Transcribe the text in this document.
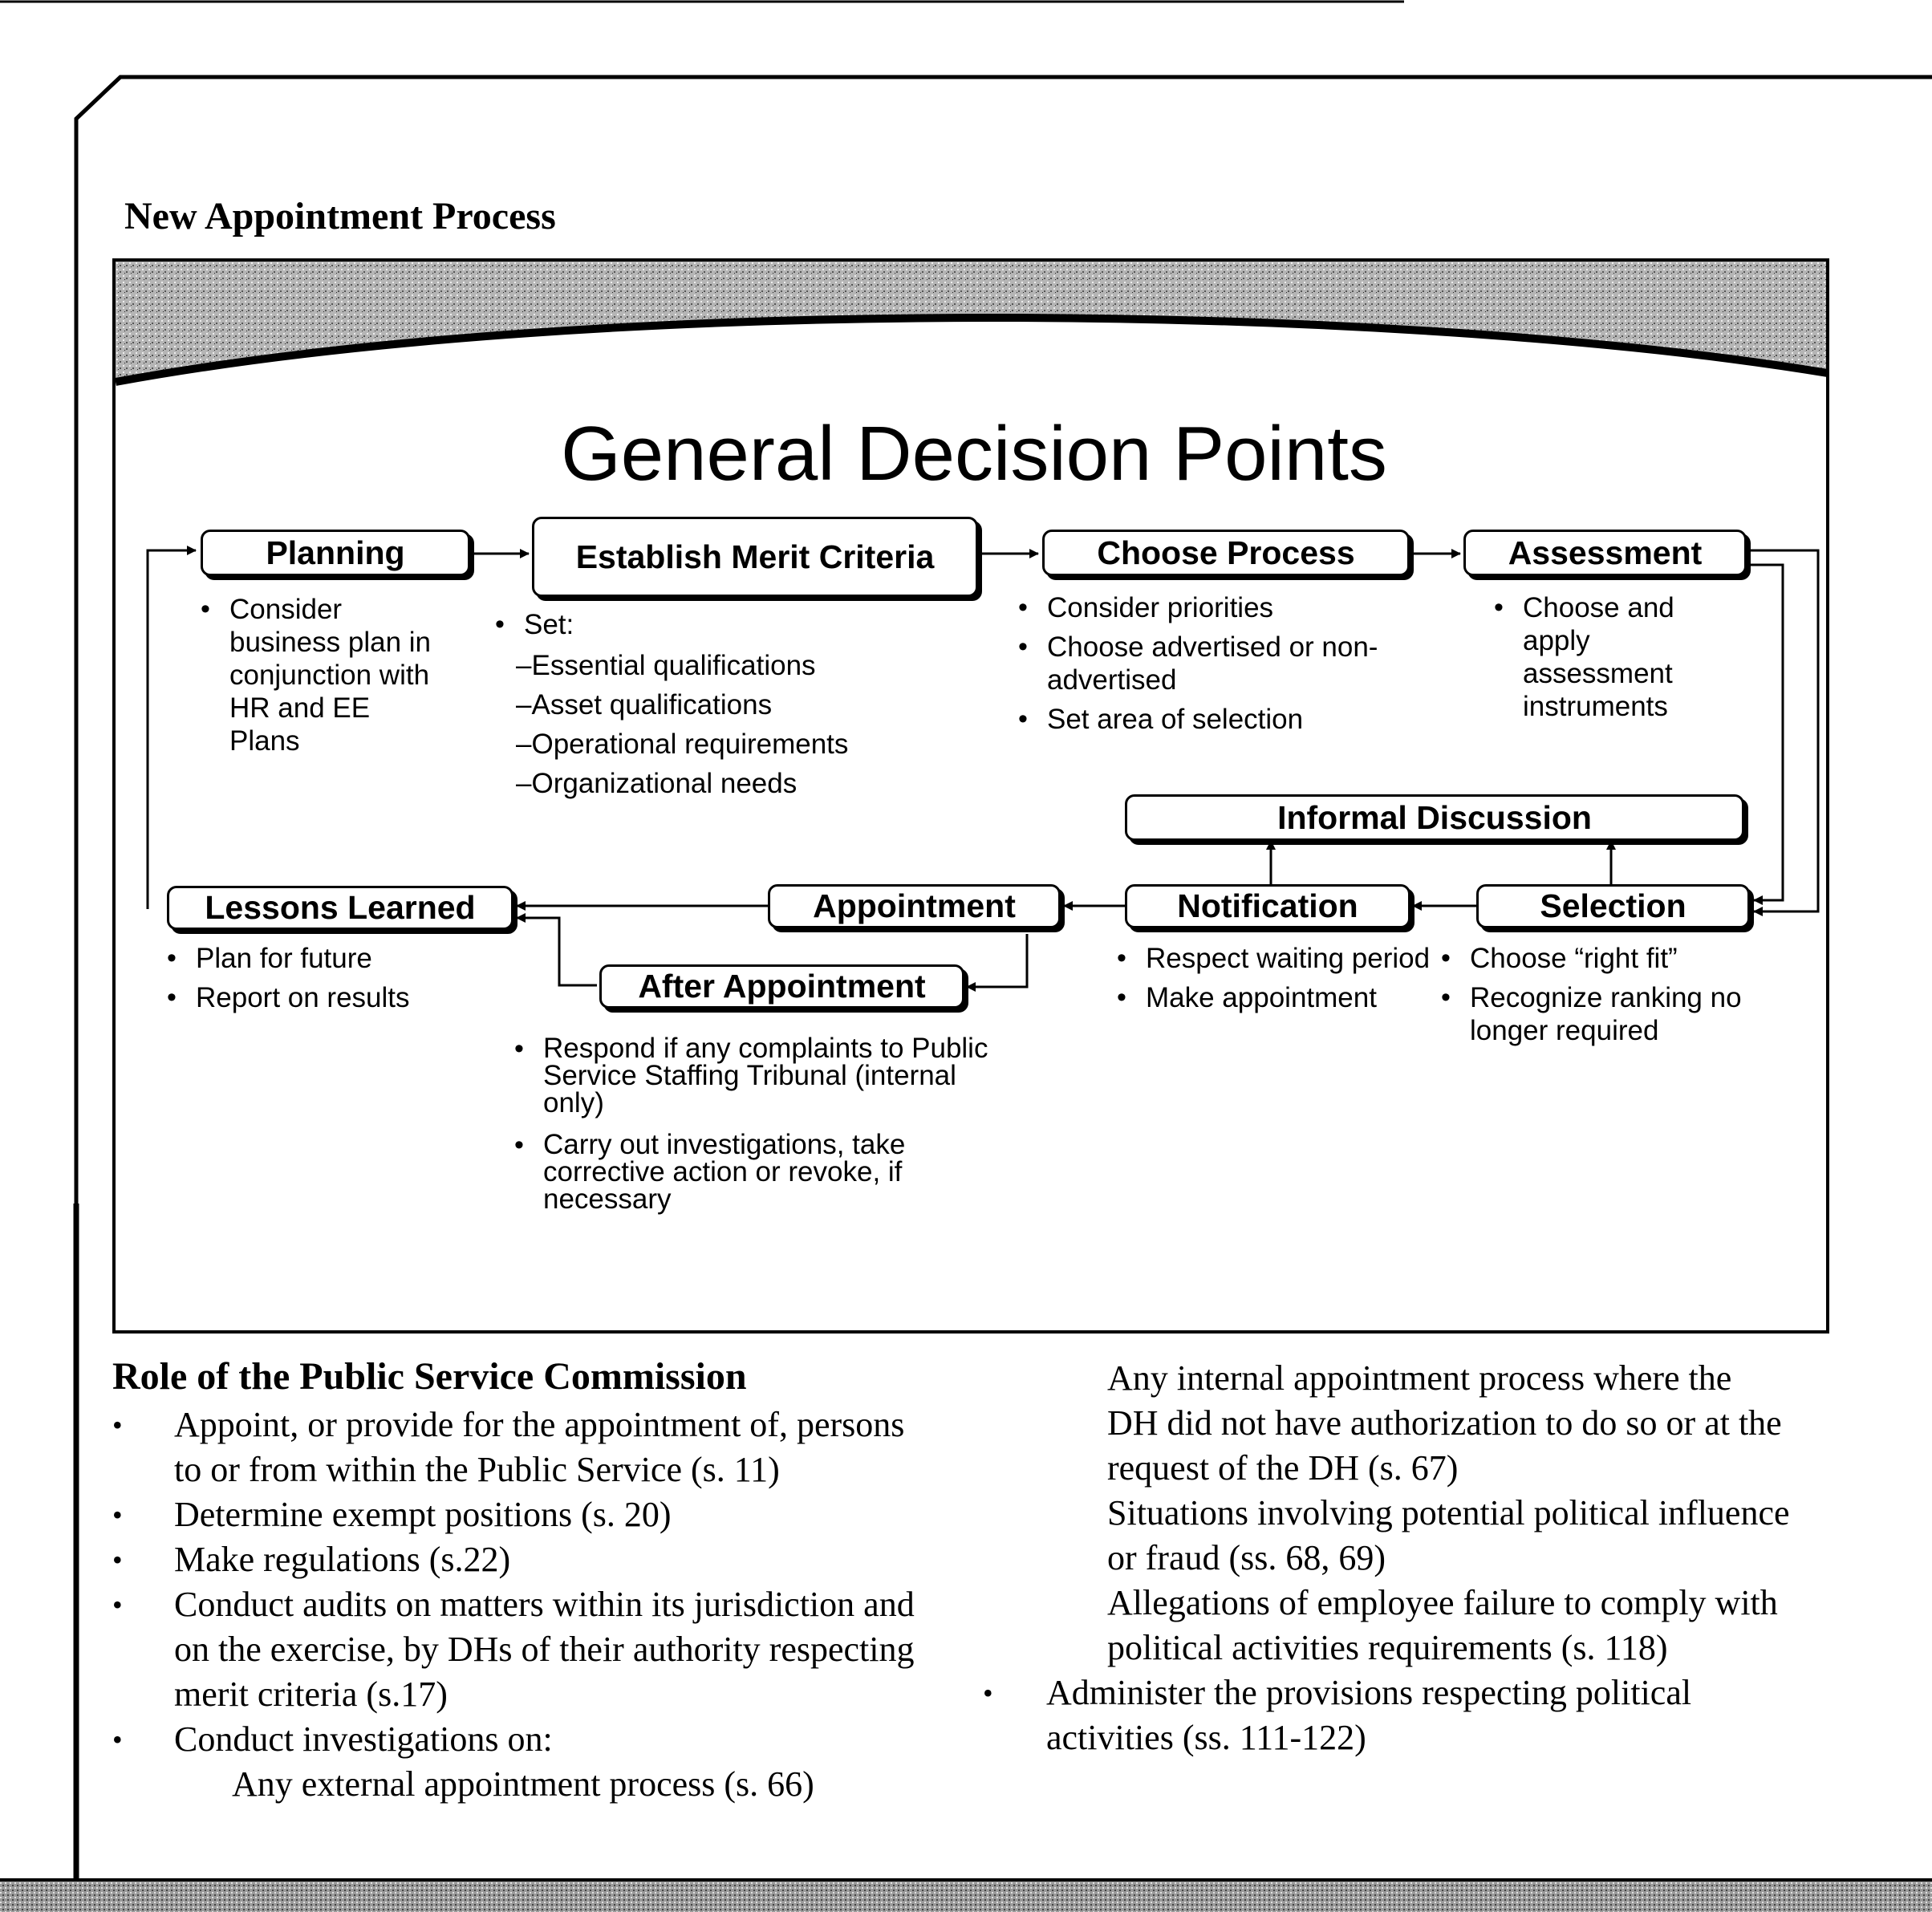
New Appointment Process
General Decision Points
Planning	Establish Merit Criteria	Choose Process	Assessment
Informal Discussion
Selection
Notification
Appointment
After Appointment
Lessons Learned
• Consider business plan in conjunction with HR and EE Plans
• Set:
–Essential qualifications
–Asset qualifications
–Operational requirements
–Organizational needs
• Consider priorities
• Choose advertised or non-advertised
• Set area of selection
• Choose and apply assessment instruments
• Plan for future
• Report on results
• Respond if any complaints to Public Service Staffing Tribunal (internal only)
• Carry out investigations, take corrective action or revoke, if necessary
• Respect waiting period
• Make appointment
• Choose “right fit”
• Recognize ranking no longer required
Role of the Public Service Commission
• Appoint, or provide for the appointment of, persons
to or from within the Public Service (s. 11)
• Determine exempt positions (s. 20)
• Make regulations (s.22)
• Conduct audits on matters within its jurisdiction and
on the exercise, by DHs of their authority respecting
merit criteria (s.17)
• Conduct investigations on:
Any external appointment process (s. 66)
Any internal appointment process where the
DH did not have authorization to do so or at the
request of the DH (s. 67)
Situations involving potential political influence
or fraud (ss. 68, 69)
Allegations of employee failure to comply with
political activities requirements (s. 118)
• Administer the provisions respecting political
activities (ss. 111-122)
